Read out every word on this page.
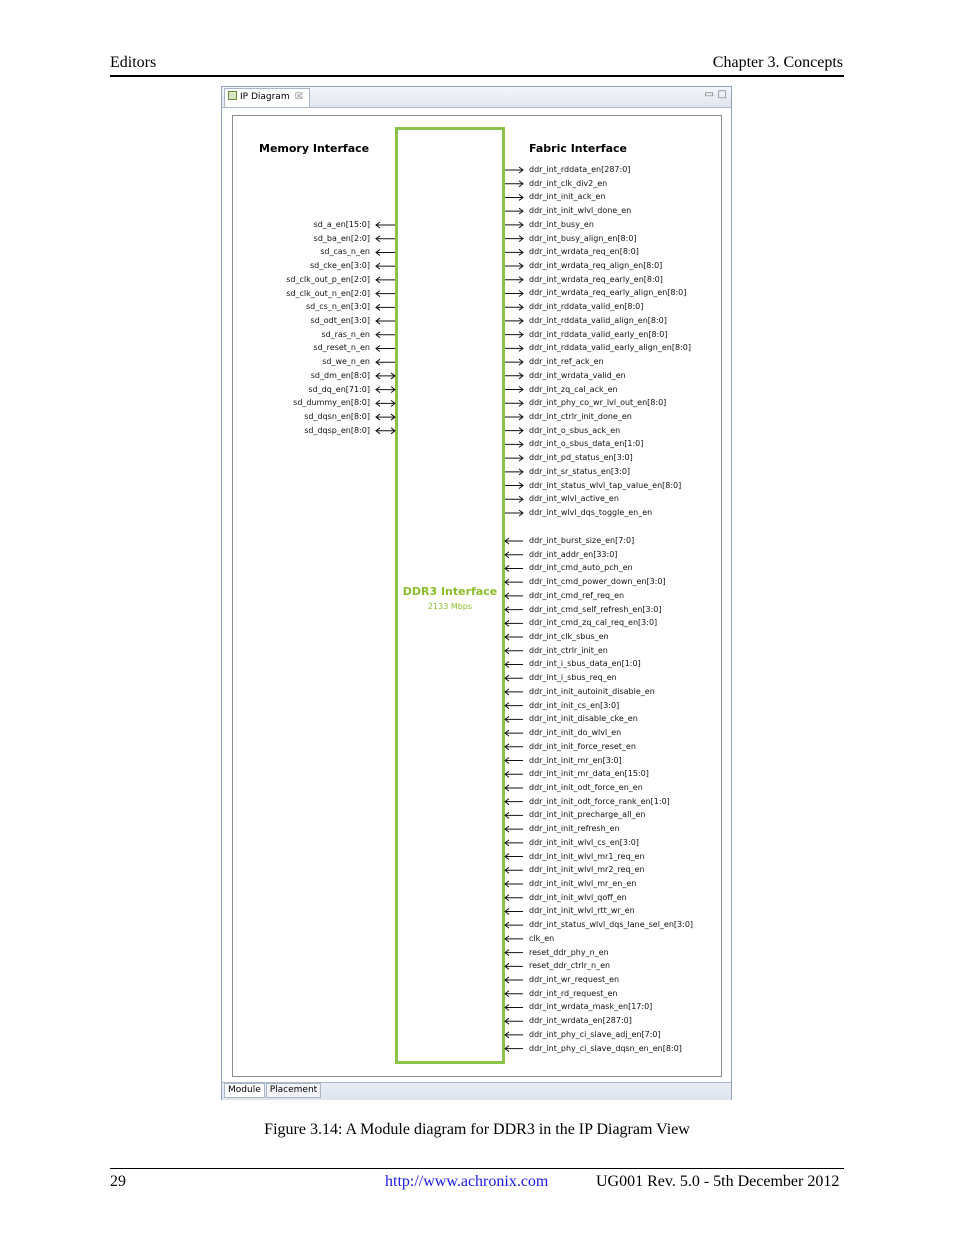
Editors	Chapter 3. Concepts
IP Diagram ☒	▭ □
Memory Interface	Fabric Interface
DDR3 Interface
2133 Mbps
sd_a_en[15:0]
sd_ba_en[2:0]
sd_cas_n_en
sd_cke_en[3:0]
sd_clk_out_p_en[2:0]
sd_clk_out_n_en[2:0]
sd_cs_n_en[3:0]
sd_odt_en[3:0]
sd_ras_n_en
sd_reset_n_en
sd_we_n_en
sd_dm_en[8:0]
sd_dq_en[71:0]
sd_dummy_en[8:0]
sd_dqsn_en[8:0]
sd_dqsp_en[8:0]
ddr_int_rddata_en[287:0]
ddr_int_clk_div2_en
ddr_int_init_ack_en
ddr_int_init_wlvl_done_en
ddr_int_busy_en
ddr_int_busy_align_en[8:0]
ddr_int_wrdata_req_en[8:0]
ddr_int_wrdata_req_align_en[8:0]
ddr_int_wrdata_req_early_en[8:0]
ddr_int_wrdata_req_early_align_en[8:0]
ddr_int_rddata_valid_en[8:0]
ddr_int_rddata_valid_align_en[8:0]
ddr_int_rddata_valid_early_en[8:0]
ddr_int_rddata_valid_early_align_en[8:0]
ddr_int_ref_ack_en
ddr_int_wrdata_valid_en
ddr_int_zq_cal_ack_en
ddr_int_phy_co_wr_lvl_out_en[8:0]
ddr_int_ctrlr_init_done_en
ddr_int_o_sbus_ack_en
ddr_int_o_sbus_data_en[1:0]
ddr_int_pd_status_en[3:0]
ddr_int_sr_status_en[3:0]
ddr_int_status_wlvl_tap_value_en[8:0]
ddr_int_wlvl_active_en
ddr_int_wlvl_dqs_toggle_en_en
ddr_int_burst_size_en[7:0]
ddr_int_addr_en[33:0]
ddr_int_cmd_auto_pch_en
ddr_int_cmd_power_down_en[3:0]
ddr_int_cmd_ref_req_en
ddr_int_cmd_self_refresh_en[3:0]
ddr_int_cmd_zq_cal_req_en[3:0]
ddr_int_clk_sbus_en
ddr_int_ctrlr_init_en
ddr_int_i_sbus_data_en[1:0]
ddr_int_i_sbus_req_en
ddr_int_init_autoinit_disable_en
ddr_int_init_cs_en[3:0]
ddr_int_init_disable_cke_en
ddr_int_init_do_wlvl_en
ddr_int_init_force_reset_en
ddr_int_init_mr_en[3:0]
ddr_int_init_mr_data_en[15:0]
ddr_int_init_odt_force_en_en
ddr_int_init_odt_force_rank_en[1:0]
ddr_int_init_precharge_all_en
ddr_int_init_refresh_en
ddr_int_init_wlvl_cs_en[3:0]
ddr_int_init_wlvl_mr1_req_en
ddr_int_init_wlvl_mr2_req_en
ddr_int_init_wlvl_mr_en_en
ddr_int_init_wlvl_qoff_en
ddr_int_init_wlvl_rtt_wr_en
ddr_int_status_wlvl_dqs_lane_sel_en[3:0]
clk_en
reset_ddr_phy_n_en
reset_ddr_ctrlr_n_en
ddr_int_wr_request_en
ddr_int_rd_request_en
ddr_int_wrdata_mask_en[17:0]
ddr_int_wrdata_en[287:0]
ddr_int_phy_ci_slave_adj_en[7:0]
ddr_int_phy_ci_slave_dqsn_en_en[8:0]
Module	Placement
Figure 3.14: A Module diagram for DDR3 in the IP Diagram View
29	http://www.achronix.com	UG001 Rev. 5.0 - 5th December 2012
